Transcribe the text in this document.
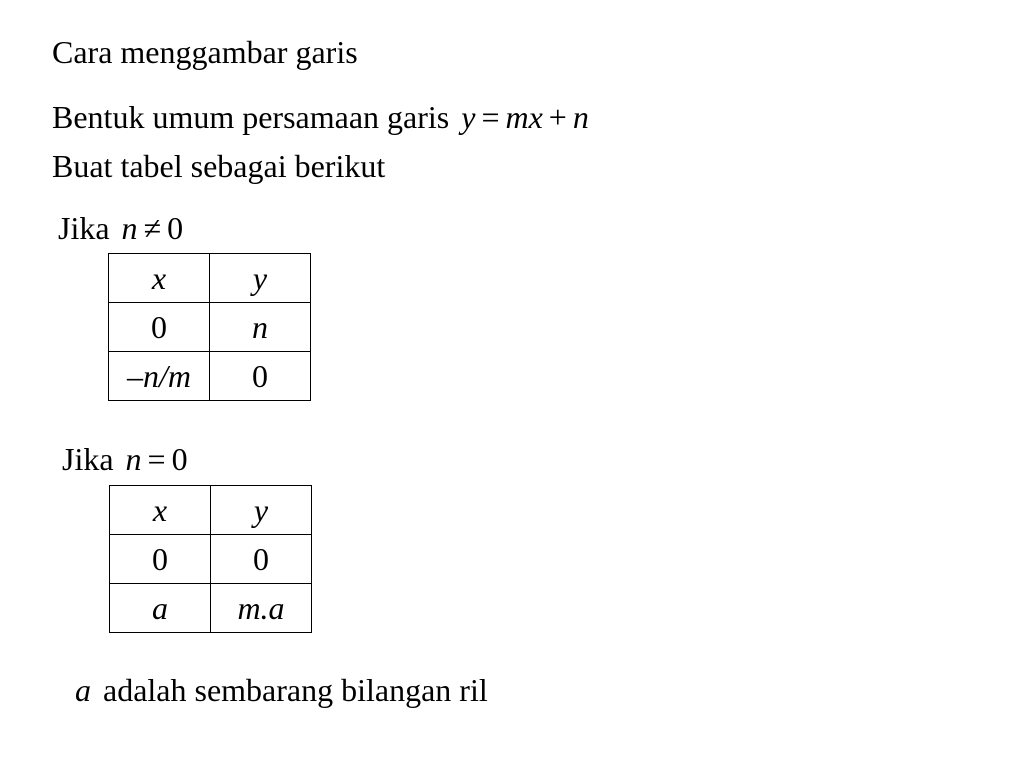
Cara menggambar garis
Bentuk umum persamaan garis y = mx + n
Buat tabel sebagai berikut
Jika n ≠ 0
x	y
0	n
–n/m	0
Jika n = 0
x	y
0	0
a	m.a
a adalah sembarang bilangan ril
